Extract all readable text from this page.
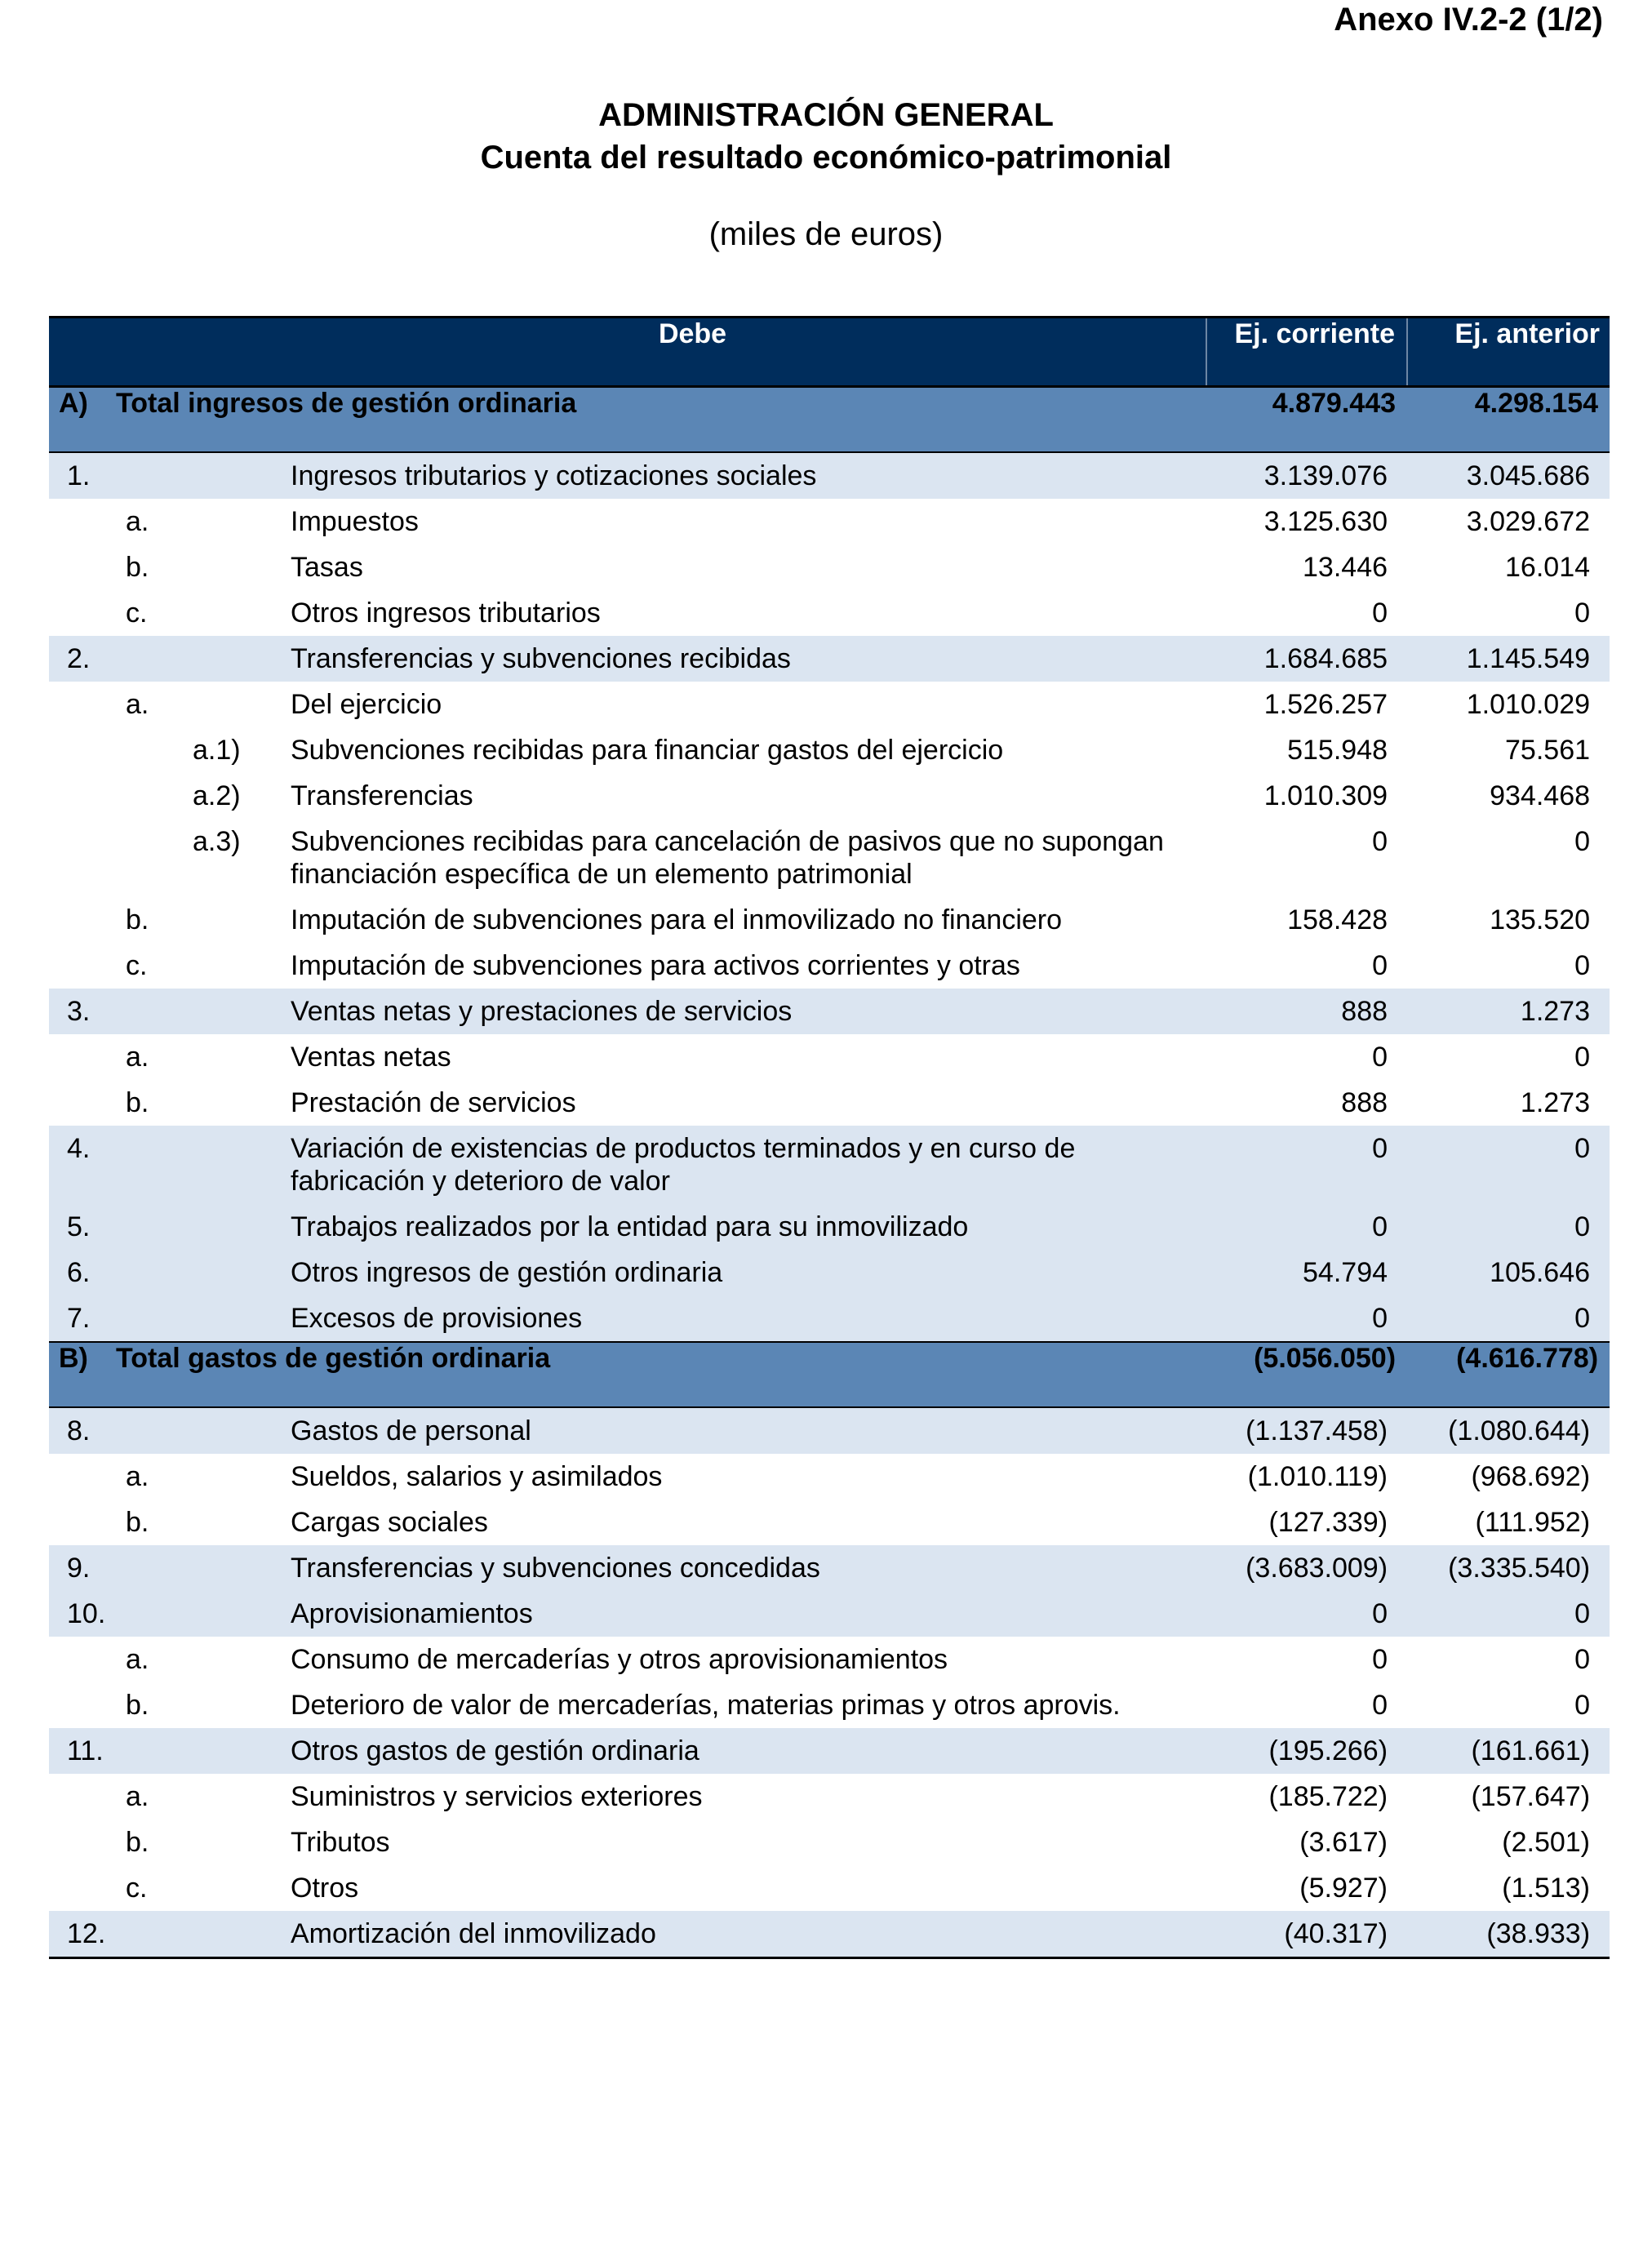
Anexo IV.2-2 (1/2)
ADMINISTRACIÓN GENERAL
Cuenta del resultado económico-patrimonial
(miles de euros)
Debe				Ej. corriente	Ej. anterior
A)	Total ingresos de gestión ordinaria			4.879.443	4.298.154
1.			Ingresos tributarios y cotizaciones sociales	3.139.076	3.045.686
	a.		Impuestos	3.125.630	3.029.672
	b.		Tasas	13.446	16.014
	c.		Otros ingresos tributarios	0	0
2.			Transferencias y subvenciones recibidas	1.684.685	1.145.549
	a.		Del ejercicio	1.526.257	1.010.029
		a.1)	Subvenciones recibidas para financiar gastos del ejercicio	515.948	75.561
		a.2)	Transferencias	1.010.309	934.468
		a.3)	Subvenciones recibidas para cancelación de pasivos que no supongan financiación específica de un elemento patrimonial	0	0
	b.		Imputación de subvenciones para el inmovilizado no financiero	158.428	135.520
	c.		Imputación de subvenciones para activos corrientes y otras	0	0
3.			Ventas netas y prestaciones de servicios	888	1.273
	a.		Ventas netas	0	0
	b.		Prestación de servicios	888	1.273
4.			Variación de existencias de productos terminados y en curso de fabricación y deterioro de valor	0	0
5.			Trabajos realizados por la entidad para su inmovilizado	0	0
6.			Otros ingresos de gestión ordinaria	54.794	105.646
7.			Excesos de provisiones	0	0
B)	Total gastos de gestión ordinaria			(5.056.050)	(4.616.778)
8.			Gastos de personal	(1.137.458)	(1.080.644)
	a.		Sueldos, salarios y asimilados	(1.010.119)	(968.692)
	b.		Cargas sociales	(127.339)	(111.952)
9.			Transferencias y subvenciones concedidas	(3.683.009)	(3.335.540)
10.			Aprovisionamientos	0	0
	a.		Consumo de mercaderías y otros aprovisionamientos	0	0
	b.		Deterioro de valor de mercaderías, materias primas y otros aprovis.	0	0
11.			Otros gastos de gestión ordinaria	(195.266)	(161.661)
	a.		Suministros y servicios exteriores	(185.722)	(157.647)
	b.		Tributos	(3.617)	(2.501)
	c.		Otros	(5.927)	(1.513)
12.			Amortización del inmovilizado	(40.317)	(38.933)
